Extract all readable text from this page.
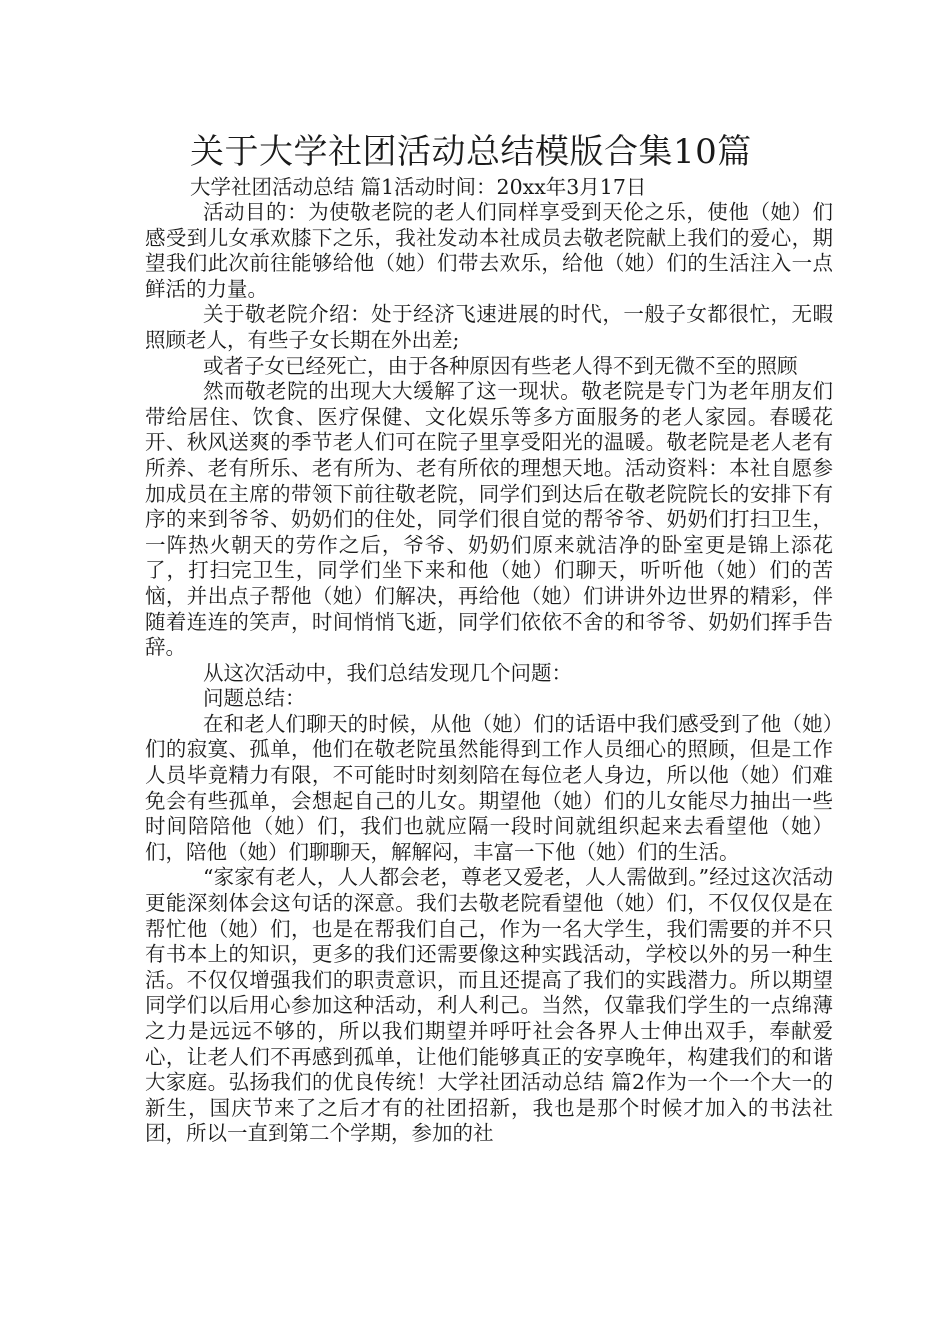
关于大学社团活动总结模版合集10篇
大学社团活动总结 篇1活动时间：20xx年3月17日

活动目的：为使敬老院的老人们同样享受到天伦之乐，使他（她）们感受到儿女承欢膝下之乐，我社发动本社成员去敬老院献上我们的爱心，期望我们此次前往能够给他（她）们带去欢乐，给他（她）们的生活注入一点鲜活的力量。

关于敬老院介绍：处于经济飞速进展的时代，一般子女都很忙，无暇照顾老人，有些子女长期在外出差;

或者子女已经死亡，由于各种原因有些老人得不到无微不至的照顾

然而敬老院的出现大大缓解了这一现状。敬老院是专门为老年朋友们带给居住、饮食、医疗保健、文化娱乐等多方面服务的老人家园。春暖花开、秋风送爽的季节老人们可在院子里享受阳光的温暖。敬老院是老人老有所养、老有所乐、老有所为、老有所依的理想天地。活动资料：本社自愿参加成员在主席的带领下前往敬老院，同学们到达后在敬老院院长的安排下有序的来到爷爷、奶奶们的住处，同学们很自觉的帮爷爷、奶奶们打扫卫生，一阵热火朝天的劳作之后，爷爷、奶奶们原来就洁净的卧室更是锦上添花了，打扫完卫生，同学们坐下来和他（她）们聊天，听听他（她）们的苦恼，并出点子帮他（她）们解决，再给他（她）们讲讲外边世界的精彩，伴随着连连的笑声，时间悄悄飞逝，同学们依依不舍的和爷爷、奶奶们挥手告辞。

从这次活动中，我们总结发现几个问题：

问题总结：

在和老人们聊天的时候，从他（她）们的话语中我们感受到了他（她）们的寂寞、孤单，他们在敬老院虽然能得到工作人员细心的照顾，但是工作人员毕竟精力有限，不可能时时刻刻陪在每位老人身边，所以他（她）们难免会有些孤单，会想起自己的儿女。期望他（她）们的儿女能尽力抽出一些时间陪陪他（她）们，我们也就应隔一段时间就组织起来去看望他（她）们，陪他（她）们聊聊天，解解闷，丰富一下他（她）们的生活。

“家家有老人，人人都会老，尊老又爱老，人人需做到。”经过这次活动更能深刻体会这句话的深意。我们去敬老院看望他（她）们，不仅仅仅是在帮忙他（她）们，也是在帮我们自己，作为一名大学生，我们需要的并不只有书本上的知识，更多的我们还需要像这种实践活动，学校以外的另一种生活。不仅仅增强我们的职责意识，而且还提高了我们的实践潜力。所以期望同学们以后用心参加这种活动，利人利己。当然，仅靠我们学生的一点绵薄之力是远远不够的，所以我们期望并呼吁社会各界人士伸出双手，奉献爱心，让老人们不再感到孤单，让他们能够真正的安享晚年，构建我们的和谐大家庭。弘扬我们的优良传统！大学社团活动总结 篇2作为一个一个大一的新生，国庆节来了之后才有的社团招新，我也是那个时候才加入的书法社团，所以一直到第二个学期，参加的社
